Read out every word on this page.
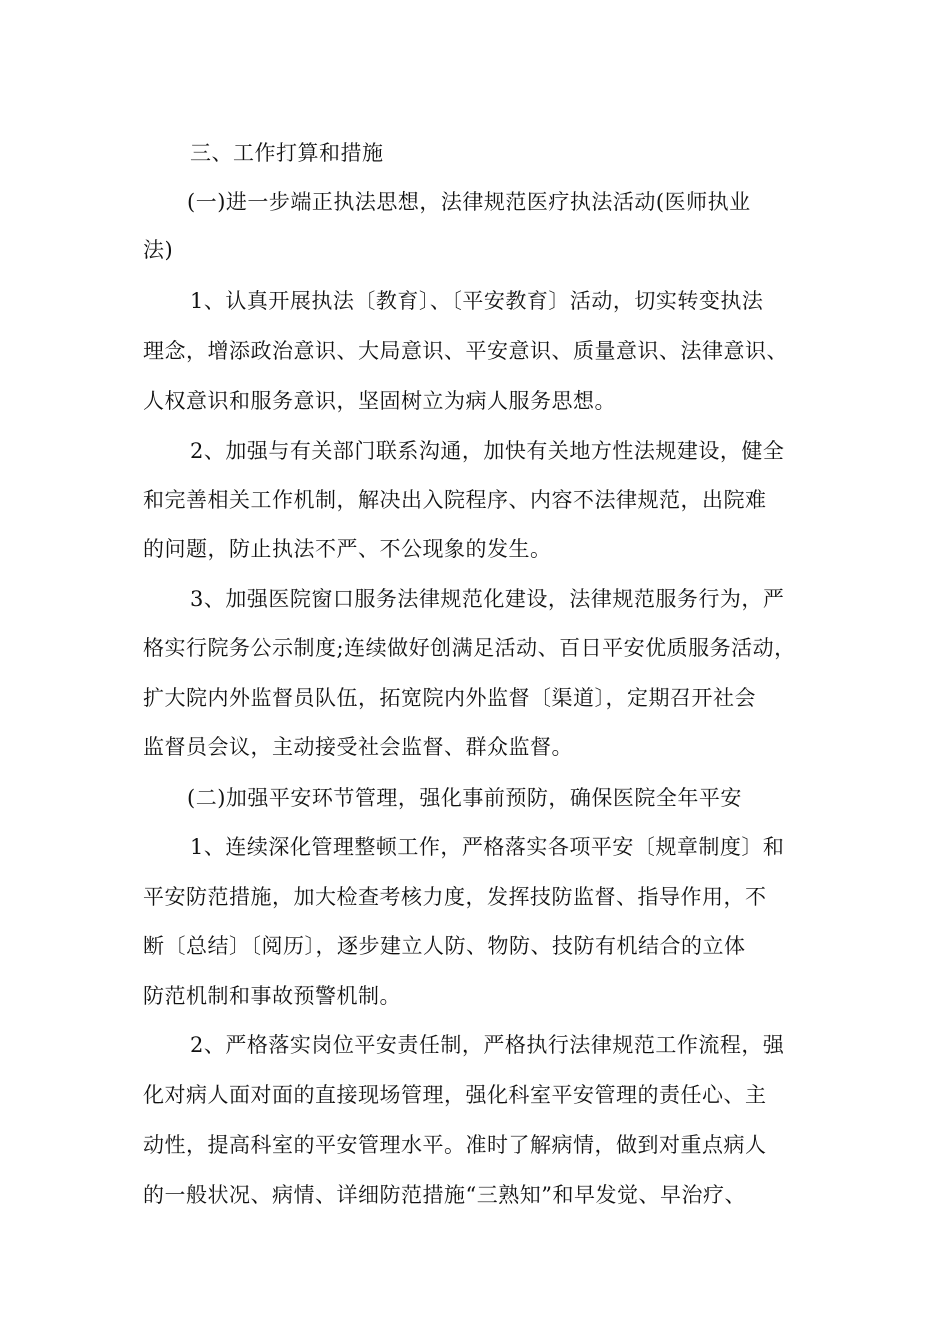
三、工作打算和措施
(一)进一步端正执法思想，法律规范医疗执法活动(医师执业
法)
1、认真开展执法〔教育〕、〔平安教育〕活动，切实转变执法
理念，增添政治意识、大局意识、平安意识、质量意识、法律意识、
人权意识和服务意识，坚固树立为病人服务思想。
2、加强与有关部门联系沟通，加快有关地方性法规建设，健全
和完善相关工作机制，解决出入院程序、内容不法律规范，出院难
的问题，防止执法不严、不公现象的发生。
3、加强医院窗口服务法律规范化建设，法律规范服务行为，严
格实行院务公示制度;连续做好创满足活动、百日平安优质服务活动，
扩大院内外监督员队伍，拓宽院内外监督〔渠道〕，定期召开社会
监督员会议，主动接受社会监督、群众监督。
(二)加强平安环节管理，强化事前预防，确保医院全年平安
1、连续深化管理整顿工作，严格落实各项平安〔规章制度〕和
平安防范措施，加大检查考核力度，发挥技防监督、指导作用，不
断〔总结〕〔阅历〕，逐步建立人防、物防、技防有机结合的立体
防范机制和事故预警机制。
2、严格落实岗位平安责任制，严格执行法律规范工作流程，强
化对病人面对面的直接现场管理，强化科室平安管理的责任心、主
动性，提高科室的平安管理水平。准时了解病情，做到对重点病人
的一般状况、病情、详细防范措施“三熟知”和早发觉、早治疗、
